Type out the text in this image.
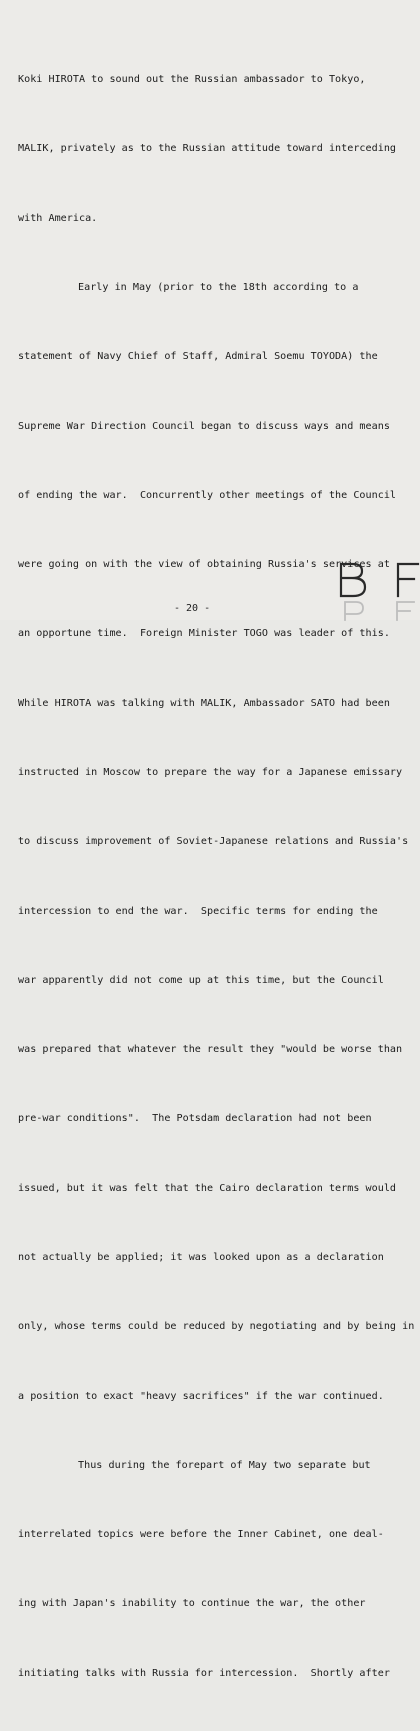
Koki HIROTA to sound out the Russian ambassador to Tokyo,

MALIK, privately as to the Russian attitude toward interceding

with America.

Early in May (prior to the 18th according to a

statement of Navy Chief of Staff, Admiral Soemu TOYODA) the

Supreme War Direction Council began to discuss ways and means

of ending the war.  Concurrently other meetings of the Council

were going on with the view of obtaining Russia's services at

an opportune time.  Foreign Minister TOGO was leader of this.

While HIROTA was talking with MALIK, Ambassador SATO had been

instructed in Moscow to prepare the way for a Japanese emissary

to discuss improvement of Soviet-Japanese relations and Russia's

intercession to end the war.  Specific terms for ending the

war apparently did not come up at this time, but the Council

was prepared that whatever the result they "would be worse than

pre-war conditions".  The Potsdam declaration had not been

issued, but it was felt that the Cairo declaration terms would

not actually be applied; it was looked upon as a declaration

only, whose terms could be reduced by negotiating and by being in

a position to exact "heavy sacrifices" if the war continued.

Thus during the forepart of May two separate but

interrelated topics were before the Inner Cabinet, one deal-

ing with Japan's inability to continue the war, the other

initiating talks with Russia for intercession.  Shortly after

- 20 -
